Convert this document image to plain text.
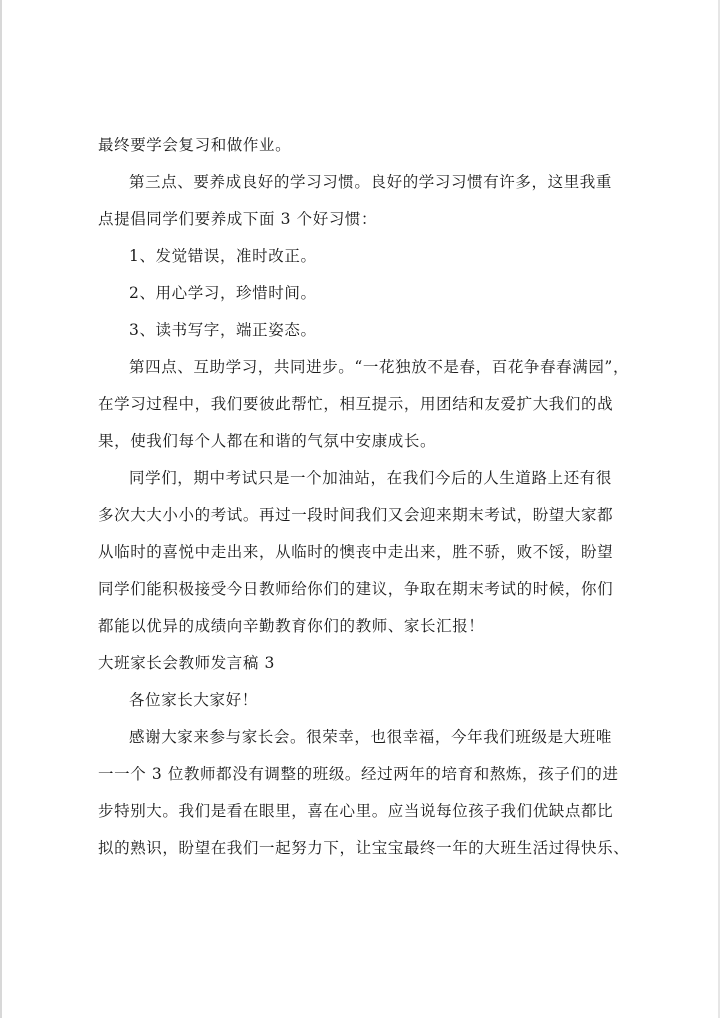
最终要学会复习和做作业。
第三点、要养成良好的学习习惯。良好的学习习惯有许多，这里我重
点提倡同学们要养成下面 3 个好习惯：
1、发觉错误，准时改正。
2、用心学习，珍惜时间。
3、读书写字，端正姿态。
第四点、互助学习，共同进步。“一花独放不是春，百花争春春满园”，
在学习过程中，我们要彼此帮忙，相互提示，用团结和友爱扩大我们的战
果，使我们每个人都在和谐的气氛中安康成长。
同学们，期中考试只是一个加油站，在我们今后的人生道路上还有很
多次大大小小的考试。再过一段时间我们又会迎来期末考试，盼望大家都
从临时的喜悦中走出来，从临时的懊丧中走出来，胜不骄，败不馁，盼望
同学们能积极接受今日教师给你们的建议，争取在期末考试的时候，你们
都能以优异的成绩向辛勤教育你们的教师、家长汇报！
大班家长会教师发言稿 3
各位家长大家好！
感谢大家来参与家长会。很荣幸，也很幸福，今年我们班级是大班唯
一一个 3 位教师都没有调整的班级。经过两年的培育和熬炼，孩子们的进
步特别大。我们是看在眼里，喜在心里。应当说每位孩子我们优缺点都比
拟的熟识，盼望在我们一起努力下，让宝宝最终一年的大班生活过得快乐、
